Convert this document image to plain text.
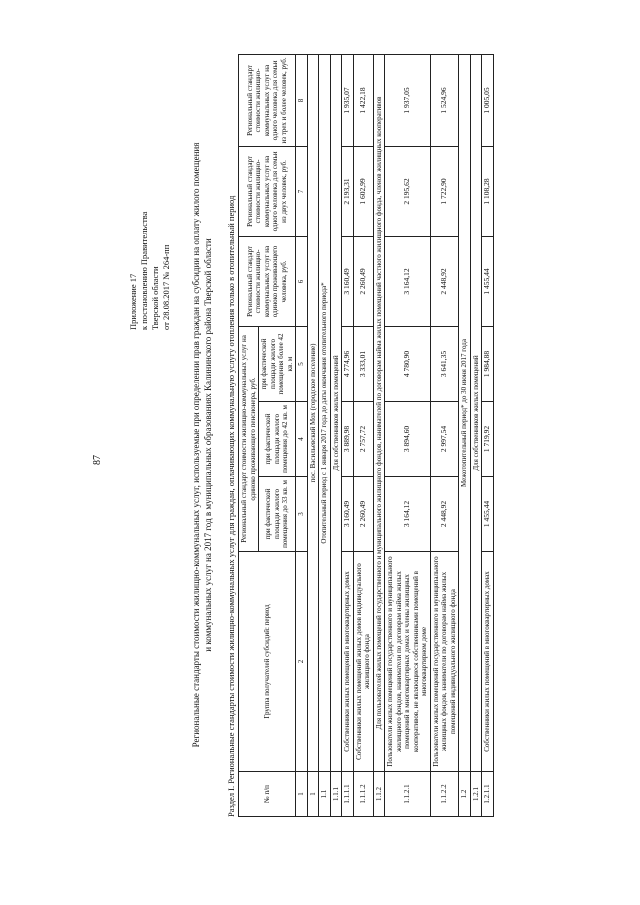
87
Приложение 17 к постановлению Правительства Тверской области от 28.08.2017 № 264-пп Региональные стандарты стоимости жилищно-коммунальных услуг, используемые при определении прав граждан на субсидии на оплату жилого помещения и коммунальных услуг на 2017 год в муниципальных образованиях Калининского района Тверской области Раздел I. Региональные стандарты стоимости жилищно-коммунальных услуг для граждан, оплачивающих коммунальную услугу отопления только в отопительный период	№ п/п	Группа получателей субсидий: период	Региональный стандарт стоимости жилищно-коммунальных услуг на одиноко проживающего пенсионера, руб.			Региональный стандарт стоимости жилищно-коммунальных услуг на одиноко проживающего человека, руб.	Региональный стандарт стоимости жилищно-коммунальных услуг на одного человека для семьи из двух человек, руб.	Региональный стандарт стоимости жилищно-коммунальных услуг на одного человека для семьи из трех и более человек, руб.
		при фактической площади жилого помещения до 33 кв. м	при фактической площади жилого помещения до 42 кв. м	при фактической площади жилого помещения более 42 кв. м			
1	2	3	4	5	6	7	8
1	пос. Васильевский Мох (городское поселение)						
1.1	Отопительный период с 1 января 2017 года до даты окончания отопительного периода*						
1.1.1	Для собственников жилых помещений						
1.1.1.1	Собственники жилых помещений в многоквартирных домах	3 160,49	3 889,98	4 774,96	3 160,49	2 193,31	1 935,07
1.1.1.2	Собственники жилых помещений жилых домов индивидуального жилищного фонда	2 260,49	2 757,72	3 333,01	2 260,49	1 602,99	1 422,18
1.1.2	Для пользователей жилых помещений государственного и муниципального жилищного фондов, нанимателей по договорам найма жилых помещений частного жилищного фонда, членов жилищных кооперативов						
1.1.2.1	Пользователи жилых помещений государственного и муниципального жилищного фондов, наниматели по договорам найма жилых помещений в многоквартирных домах и члены жилищных кооперативов, не являющиеся собственниками помещений в многоквартирном доме	3 164,12	3 894,60	4 780,90	3 164,12	2 195,62	1 937,05
1.1.2.2	Пользователи жилых помещений государственного и муниципального жилищных фондов, наниматели по договорам найма жилых помещений индивидуального жилищного фонда	2 448,92	2 997,54	3 641,35	2 448,92	1 722,90	1 524,96
1.2	Межотопительный период* до 30 июня 2017 года						
1.2.1	Для собственников жилых помещений						
1.2.1.1	Собственники жилых помещений в многоквартирных домах	1 455,44	1 719,92	1 984,88	1 455,44	1 108,28	1 005,05
